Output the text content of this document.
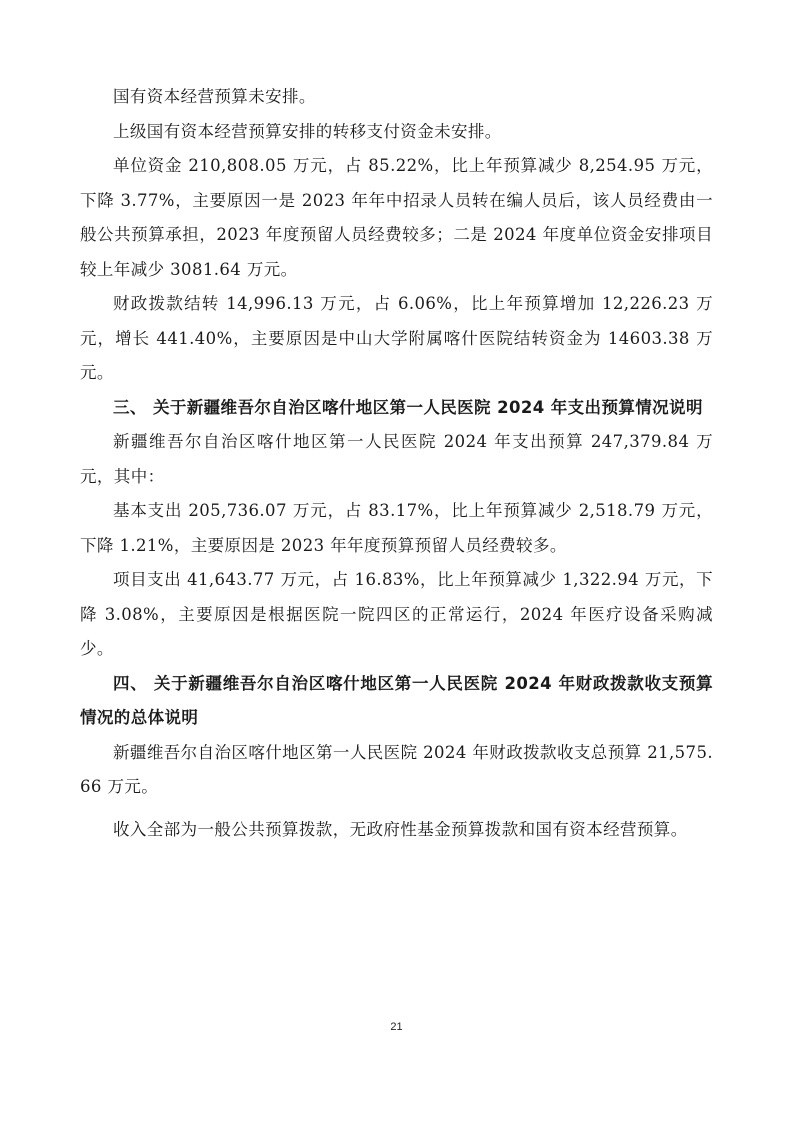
国有资本经营预算未安排。

上级国有资本经营预算安排的转移支付资金未安排。

单位资金 210,808.05 万元，占 85.22%，比上年预算减少 8,254.95 万元，下降 3.77%，主要原因一是 2023 年年中招录人员转在编人员后，该人员经费由一般公共预算承担，2023 年度预留人员经费较多；二是 2024 年度单位资金安排项目较上年减少 3081.64 万元。

财政拨款结转 14,996.13 万元，占 6.06%，比上年预算增加 12,226.23 万元，增长 441.40%，主要原因是中山大学附属喀什医院结转资金为 14603.38 万元。

三、 关于新疆维吾尔自治区喀什地区第一人民医院 2024 年支出预算情况说明

新疆维吾尔自治区喀什地区第一人民医院 2024 年支出预算 247,379.84 万元，其中：

基本支出 205,736.07 万元，占 83.17%，比上年预算减少 2,518.79 万元，下降 1.21%，主要原因是 2023 年年度预算预留人员经费较多。

项目支出 41,643.77 万元，占 16.83%，比上年预算减少 1,322.94 万元，下降 3.08%，主要原因是根据医院一院四区的正常运行，2024 年医疗设备采购减少。

四、 关于新疆维吾尔自治区喀什地区第一人民医院 2024 年财政拨款收支预算情况的总体说明

新疆维吾尔自治区喀什地区第一人民医院 2024 年财政拨款收支总预算 21,575.66 万元。

收入全部为一般公共预算拨款，无政府性基金预算拨款和国有资本经营预算。

21
